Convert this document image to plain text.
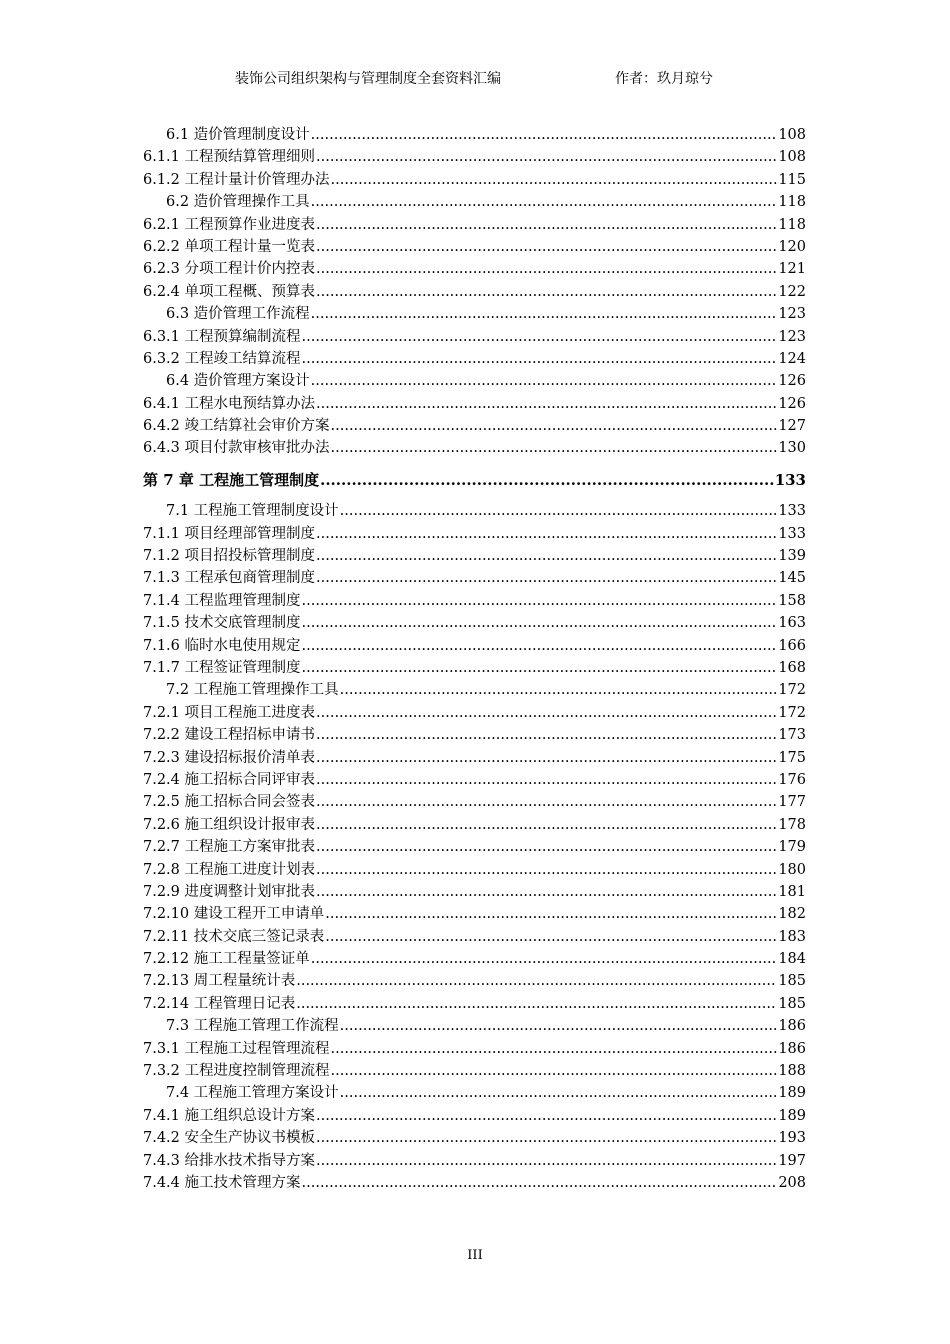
装饰公司组织架构与管理制度全套资料汇编	作者：玖月琼兮
6.1 造价管理制度设计 .....	108
6.1.1 工程预结算管理细则 .....	108
6.1.2 工程计量计价管理办法 .....	115
6.2 造价管理操作工具 .....	118
6.2.1 工程预算作业进度表 .....	118
6.2.2 单项工程计量一览表 .....	120
6.2.3 分项工程计价内控表 .....	121
6.2.4 单项工程概、预算表 .....	122
6.3 造价管理工作流程 .....	123
6.3.1 工程预算编制流程 .....	123
6.3.2 工程竣工结算流程 .....	124
6.4 造价管理方案设计 .....	126
6.4.1 工程水电预结算办法 .....	126
6.4.2 竣工结算社会审价方案 .....	127
6.4.3 项目付款审核审批办法 .....	130
第 7 章 工程施工管理制度 .....	133
7.1 工程施工管理制度设计 .....	133
7.1.1 项目经理部管理制度 .....	133
7.1.2 项目招投标管理制度 .....	139
7.1.3 工程承包商管理制度 .....	145
7.1.4 工程监理管理制度 .....	158
7.1.5 技术交底管理制度 .....	163
7.1.6 临时水电使用规定 .....	166
7.1.7 工程签证管理制度 .....	168
7.2 工程施工管理操作工具 .....	172
7.2.1 项目工程施工进度表 .....	172
7.2.2 建设工程招标申请书 .....	173
7.2.3 建设招标报价清单表 .....	175
7.2.4 施工招标合同评审表 .....	176
7.2.5 施工招标合同会签表 .....	177
7.2.6 施工组织设计报审表 .....	178
7.2.7 工程施工方案审批表 .....	179
7.2.8 工程施工进度计划表 .....	180
7.2.9 进度调整计划审批表 .....	181
7.2.10 建设工程开工申请单 .....	182
7.2.11 技术交底三签记录表 .....	183
7.2.12 施工工程量签证单 .....	184
7.2.13 周工程量统计表 .....	185
7.2.14 工程管理日记表 .....	185
7.3 工程施工管理工作流程 .....	186
7.3.1 工程施工过程管理流程 .....	186
7.3.2 工程进度控制管理流程 .....	188
7.4 工程施工管理方案设计 .....	189
7.4.1 施工组织总设计方案 .....	189
7.4.2 安全生产协议书模板 .....	193
7.4.3 给排水技术指导方案 .....	197
7.4.4 施工技术管理方案 .....	208
III
